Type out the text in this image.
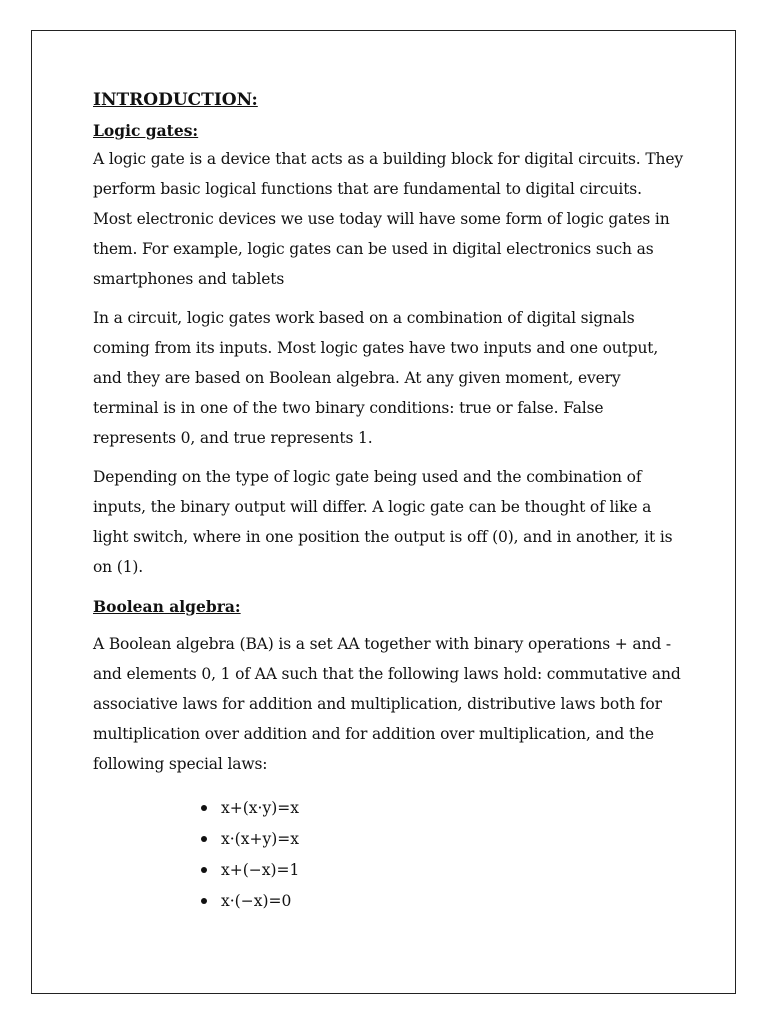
INTRODUCTION:
Logic gates:

A logic gate is a device that acts as a building block for digital circuits. They perform basic logical functions that are fundamental to digital circuits. Most electronic devices we use today will have some form of logic gates in them. For example, logic gates can be used in digital electronics such as smartphones and tablets

In a circuit, logic gates work based on a combination of digital signals coming from its inputs. Most logic gates have two inputs and one output, and they are based on Boolean algebra. At any given moment, every terminal is in one of the two binary conditions: true or false. False represents 0, and true represents 1.

Depending on the type of logic gate being used and the combination of inputs, the binary output will differ. A logic gate can be thought of like a light switch, where in one position the output is off (0), and in another, it is on (1).

Boolean algebra:

A Boolean algebra (BA) is a set AA together with binary operations + and - and elements 0, 1 of AA such that the following laws hold: commutative and associative laws for addition and multiplication, distributive laws both for multiplication over addition and for addition over multiplication, and the following special laws:

x+(x·y)=x
x·(x+y)=x
x+(−x)=1
x·(−x)=0
